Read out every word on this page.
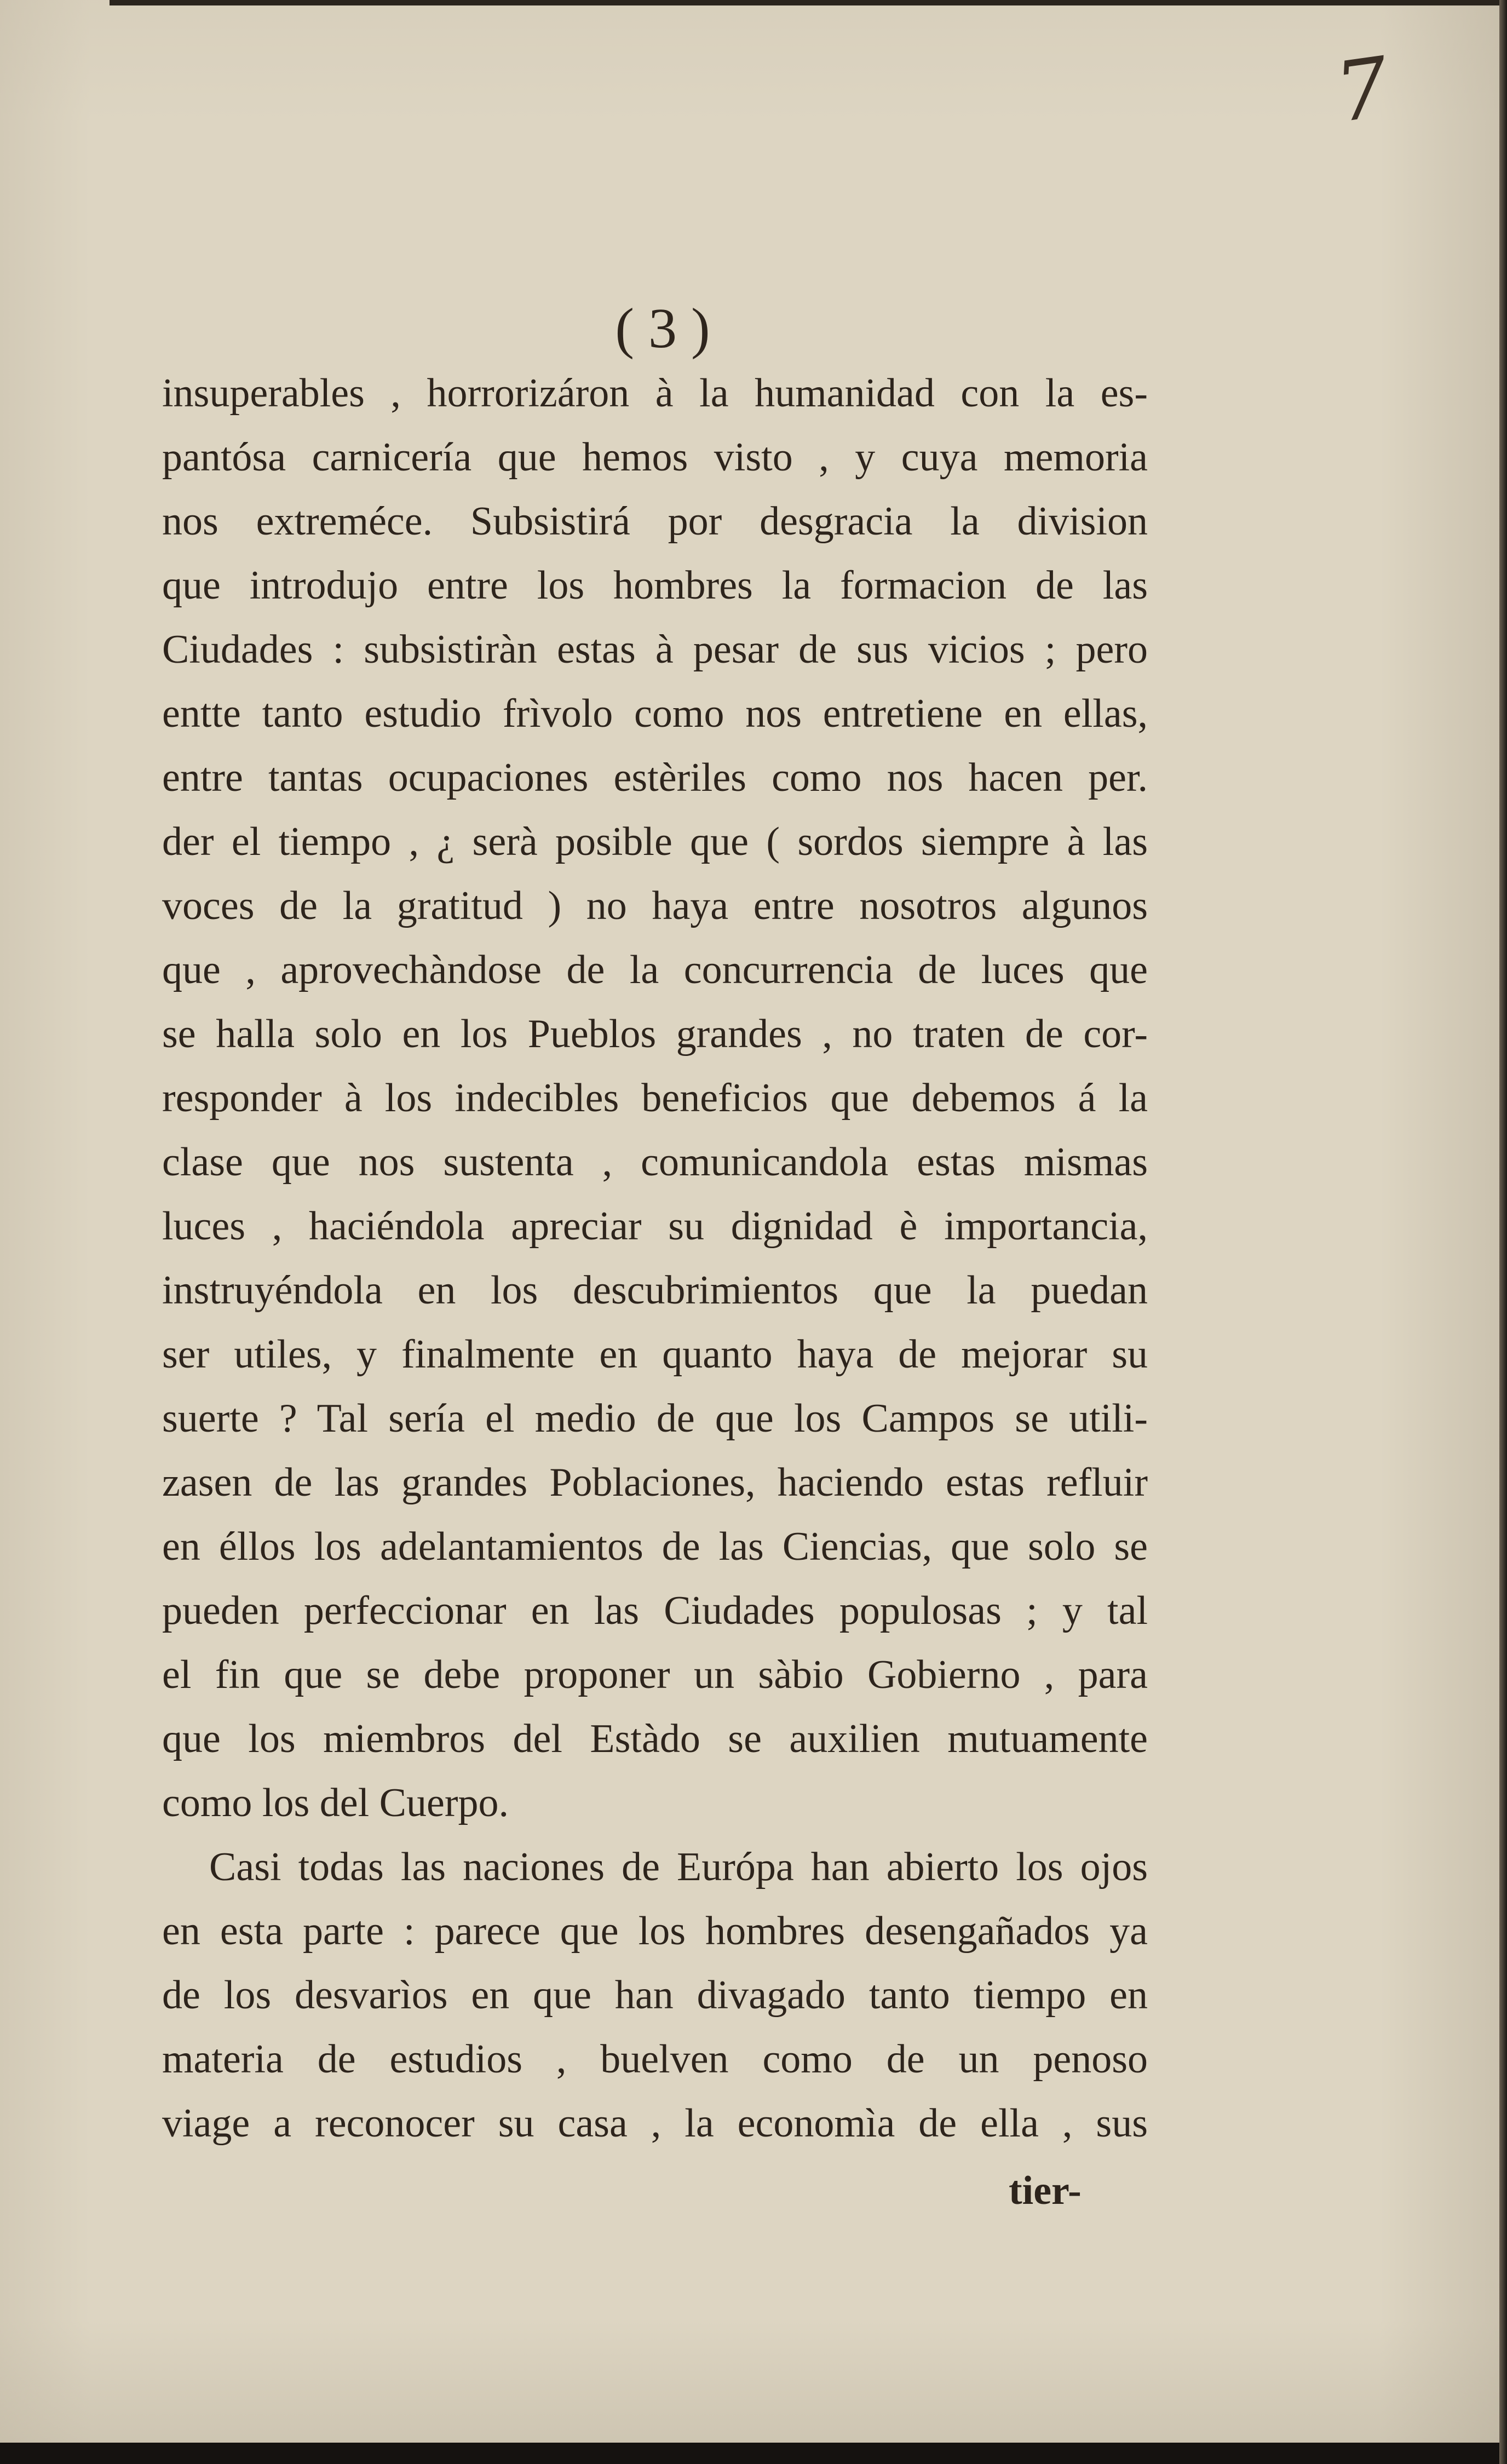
7
( 3 )
insuperables , horrorizáron à la humanidad con la es-
pantósa carnicería que hemos visto , y cuya memoria
nos extreméce. Subsistirá por desgracia la division
que introdujo entre los hombres la formacion de las
Ciudades : subsistiràn estas à pesar de sus vicios ; pero
entte tanto estudio frìvolo como nos entretiene en ellas,
entre tantas ocupaciones estèriles como nos hacen per.
der el tiempo , ¿ serà posible que ( sordos siempre à las
voces de la gratitud ) no haya entre nosotros algunos
que , aprovechàndose de la concurrencia de luces que
se halla solo en los Pueblos grandes , no traten de cor-
responder à los indecibles beneficios que debemos á la
clase que nos sustenta , comunicandola estas mismas
luces , haciéndola apreciar su dignidad è importancia,
instruyéndola en los descubrimientos que la puedan
ser utiles, y finalmente en quanto haya de mejorar su
suerte ? Tal sería el medio de que los Campos se utili-
zasen de las grandes Poblaciones, haciendo estas refluir
en éllos los adelantamientos de las Ciencias, que solo se
pueden perfeccionar en las Ciudades populosas ; y tal
el fin que se debe proponer un sàbio Gobierno , para
que los miembros del Estàdo se auxilien mutuamente
como los del Cuerpo.
Casi todas las naciones de Európa han abierto los ojos
en esta parte : parece que los hombres desengañados ya
de los desvarìos en que han divagado tanto tiempo en
materia de estudios , buelven como de un penoso
viage a reconocer su casa , la economìa de ella , sus
tier-
